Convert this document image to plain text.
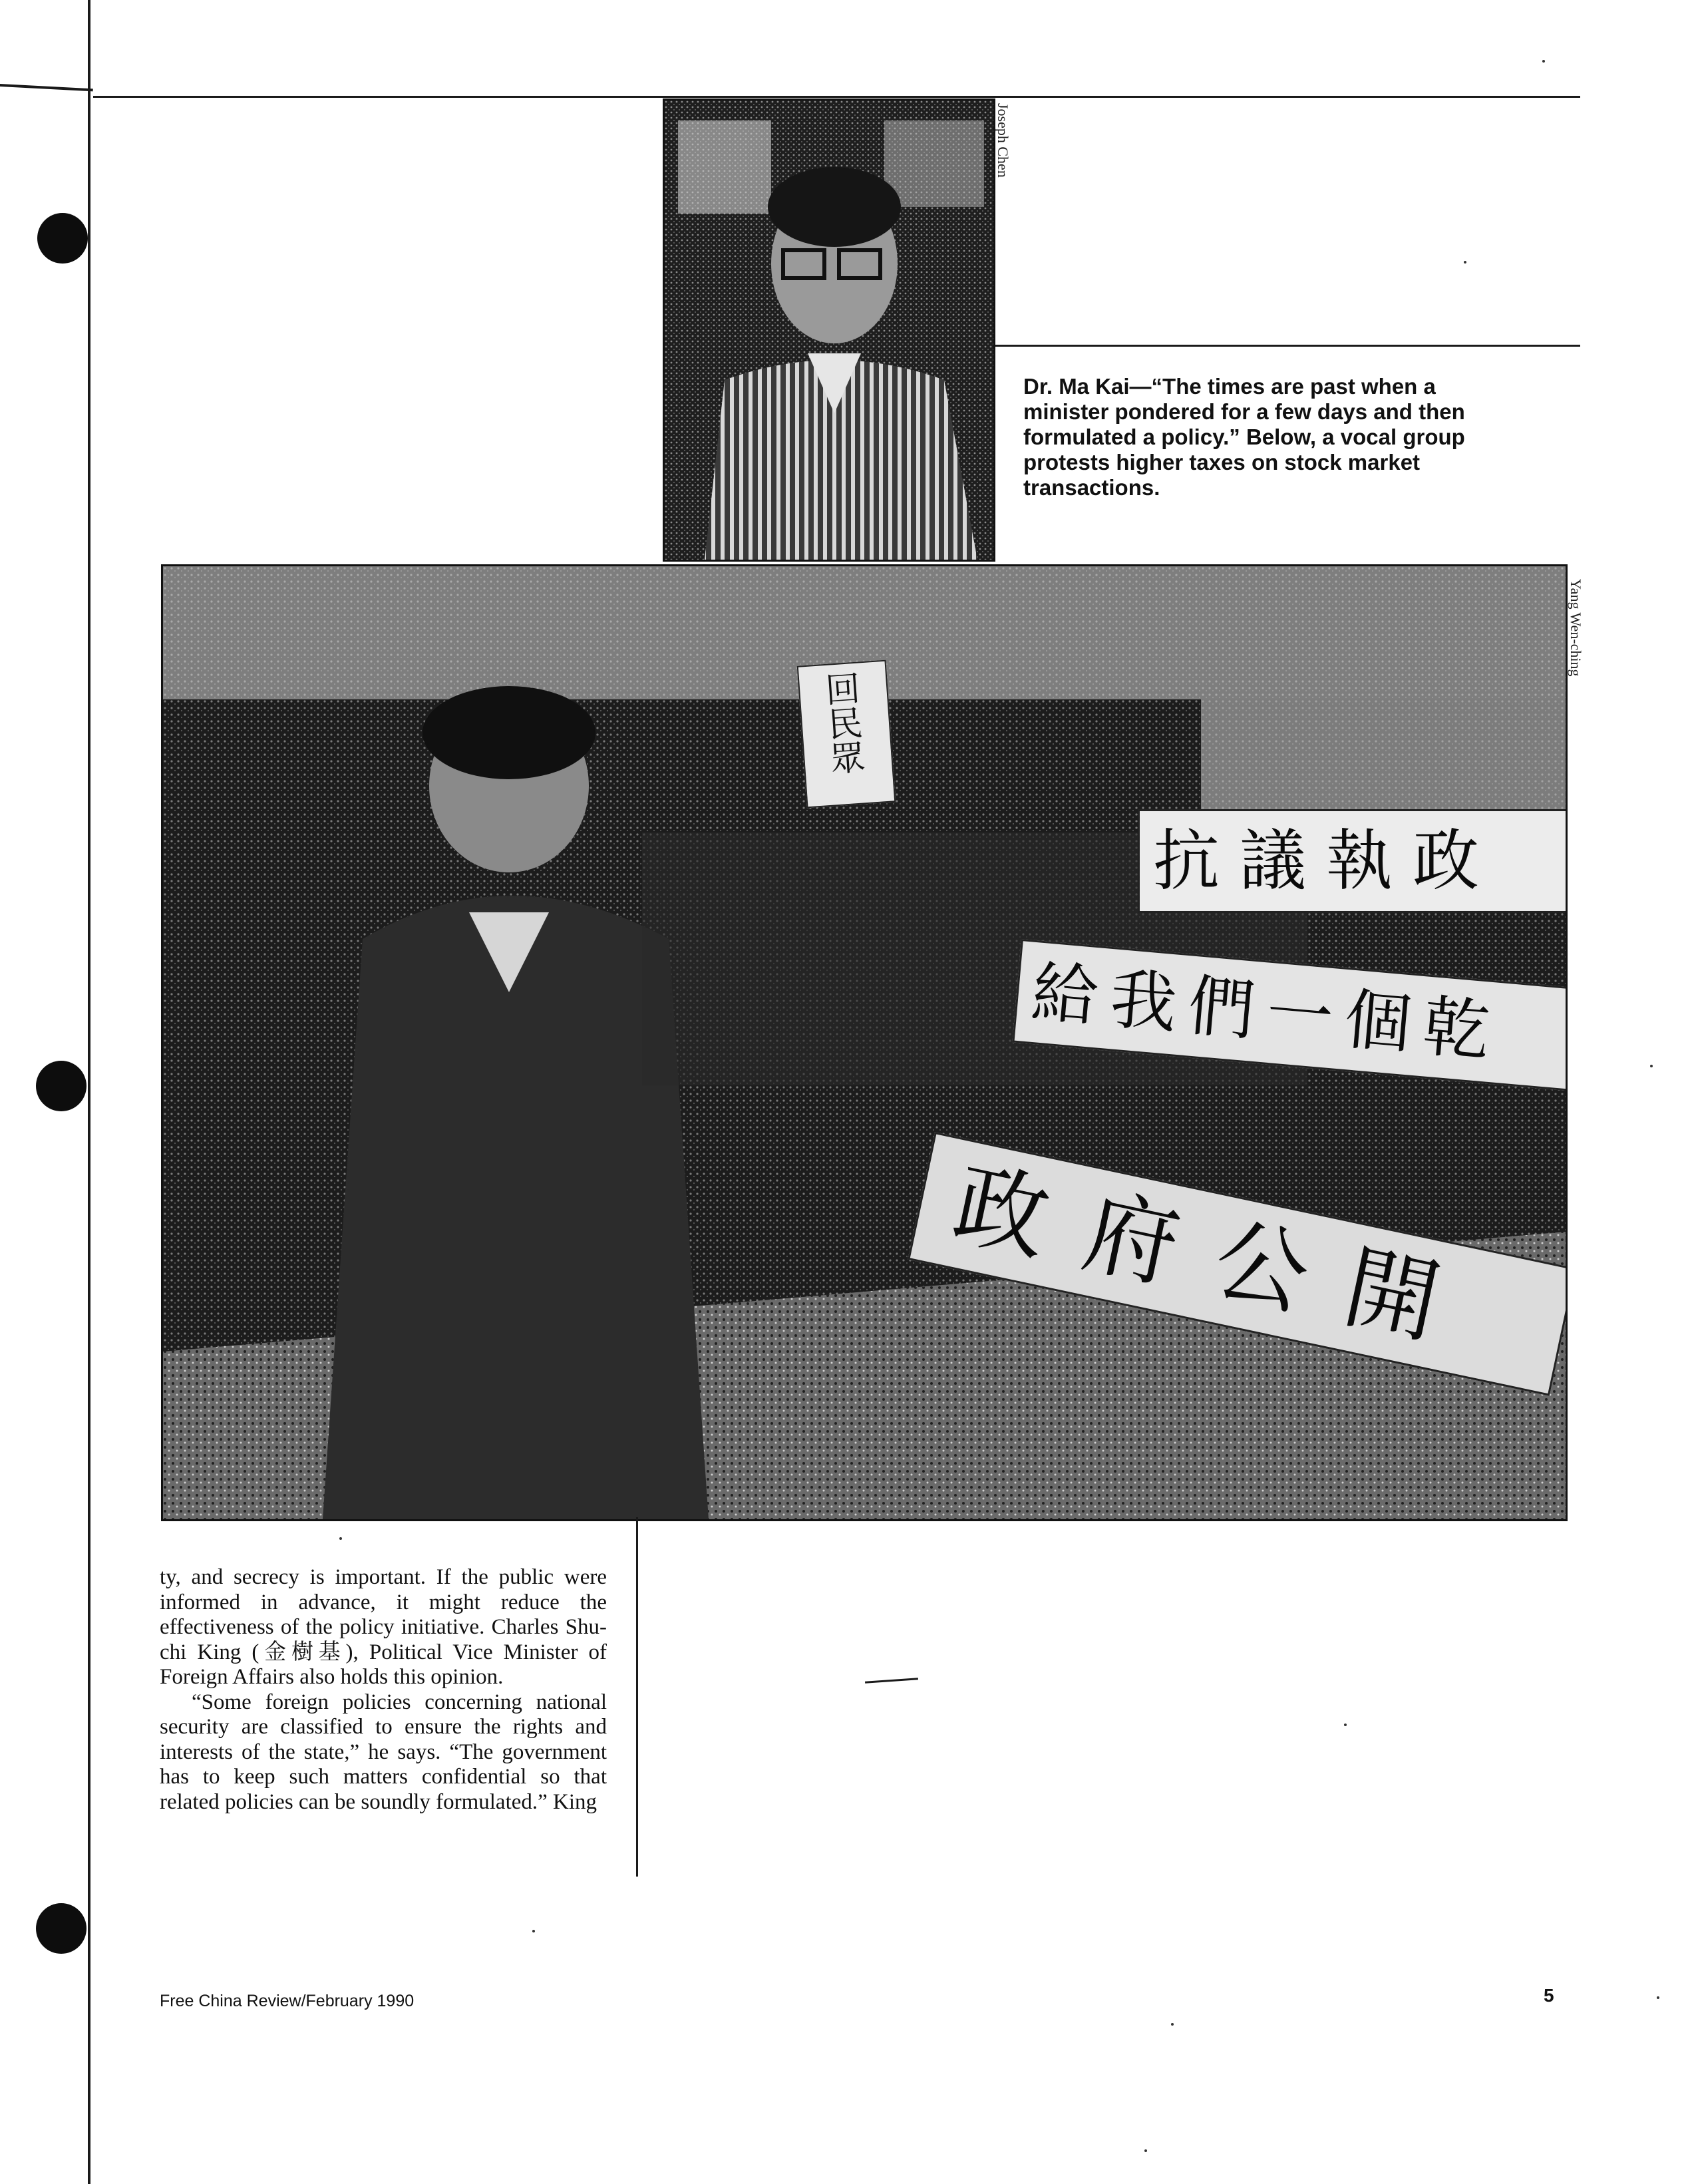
Joseph Chen
Dr. Ma Kai—“The times are past when a minister pondered for a few days and then formulated a policy.” Below, a vocal group protests higher taxes on stock market transactions.
回民眾
抗議執政
給我們一個乾
政府公開
Yang Wen-ching

ty, and secrecy is important. If the public were informed in advance, it might reduce the effectiveness of the policy initiative. Charles Shu-chi King (金樹基), Political Vice Minister of Foreign Affairs also holds this opinion.

“Some foreign policies concerning national security are classified to ensure the rights and interests of the state,” he says. “The government has to keep such matters confidential so that related policies can be soundly formulated.” King

Free China Review/February 1990	5
